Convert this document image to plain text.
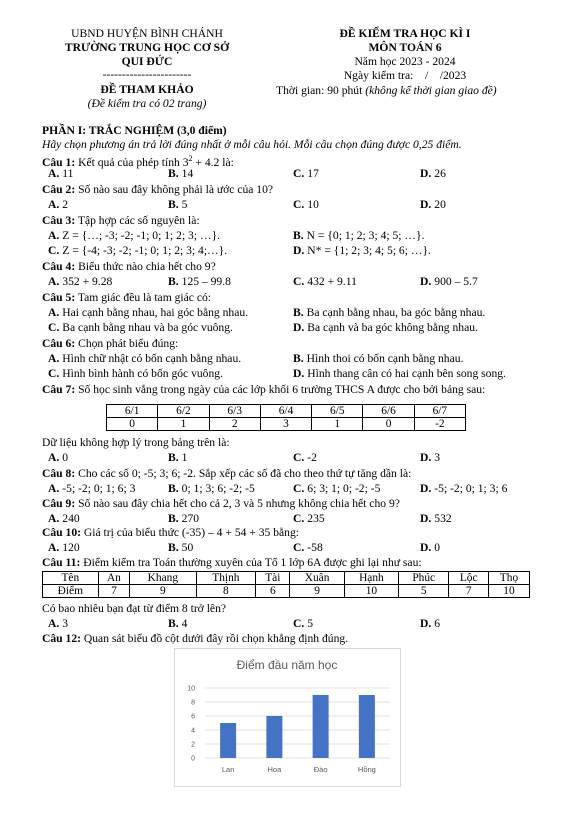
UBND HUYỆN BÌNH CHÁNH
TRƯỜNG TRUNG HỌC CƠ SỞ
QUI ĐỨC
-----------------------
ĐỀ THAM KHẢO
(Đề kiểm tra có 02 trang)
ĐỀ KIỂM TRA HỌC KÌ I
MÔN TOÁN 6
Năm học 2023 - 2024
Ngày kiểm tra:    /    /2023
Thời gian: 90 phút (không kể thời gian giao đề)
PHẦN I: TRẮC NGHIỆM (3,0 điểm)
Hãy chọn phương án trả lời đúng nhất ở mỗi câu hỏi. Mỗi câu chọn đúng được 0,25 điểm.
Câu 1: Kết quả của phép tính $3^2 + 4.2$ là:
A. 11	B. 14	C. 17	D. 26
Câu 2: Số nào sau đây không phải là ước của 10?
A. 2	B. 5	C. 10	D. 20
Câu 3: Tập hợp các số nguyên là:
A. Z = {…; -3; -2; -1; 0; 1; 2; 3; …}.	B. N = {0; 1; 2; 3; 4; 5; …}.
C. Z = {-4; -3; -2; -1; 0; 1; 2; 3; 4;…}.	D. N* = {1; 2; 3; 4; 5; 6; …}.
Câu 4: Biểu thức nào chia hết cho 9?
A. 352 + 9.28	B. 125 – 99.8	C. 432 + 9.11	D. 900 – 5.7
Câu 5: Tam giác đều là tam giác có:
A. Hai cạnh bằng nhau, hai góc bằng nhau.	B. Ba cạnh bằng nhau, ba góc bằng nhau.
C. Ba cạnh bằng nhau và ba góc vuông.	D. Ba cạnh và ba góc không bằng nhau.
Câu 6: Chọn phát biểu đúng:
A. Hình chữ nhật có bốn cạnh bằng nhau.	B. Hình thoi có bốn cạnh bằng nhau.
C. Hình bình hành có bốn góc vuông.	D. Hình thang cân có hai cạnh bên song song.
Câu 7: Số học sinh vắng trong ngày của các lớp khối 6 trường THCS A được cho bởi bảng sau:
6/1	6/2	6/3	6/4	6/5	6/6	6/7
0	1	2	3	1	0	-2
Dữ liệu không hợp lý trong bảng trên là:
A. 0	B. 1	C. -2	D. 3
Câu 8: Cho các số 0; -5; 3; 6; -2. Sắp xếp các số đã cho theo thứ tự tăng dần là:
A. -5; -2; 0; 1; 6; 3	B. 0; 1; 3; 6; -2; -5	C. 6; 3; 1; 0; -2; -5	D. -5; -2; 0; 1; 3; 6
Câu 9: Số nào sau đây chia hết cho cả 2, 3 và 5 nhưng không chia hết cho 9?
A. 240	B. 270	C. 235	D. 532
Câu 10: Giá trị của biểu thức (-35) – 4 + 54 + 35 bằng:
A. 120	B. 50	C. -58	D. 0
Câu 11: Điểm kiểm tra Toán thường xuyên của Tổ 1 lớp 6A được ghi lại như sau:
Tên	An	Khang	Thịnh	Tài	Xuân	Hạnh	Phúc	Lộc	Thọ
Điểm	7	9	8	6	9	10	5	7	10
Có bao nhiêu bạn đạt từ điểm 8 trở lên?
A. 3	B. 4	C. 5	D. 6
Câu 12: Quan sát biểu đồ cột dưới đây rồi chọn khẳng định đúng.
Điểm đầu năm học
0
2
4
6
8
10
Lan	Hoa	Đào	Hồng
